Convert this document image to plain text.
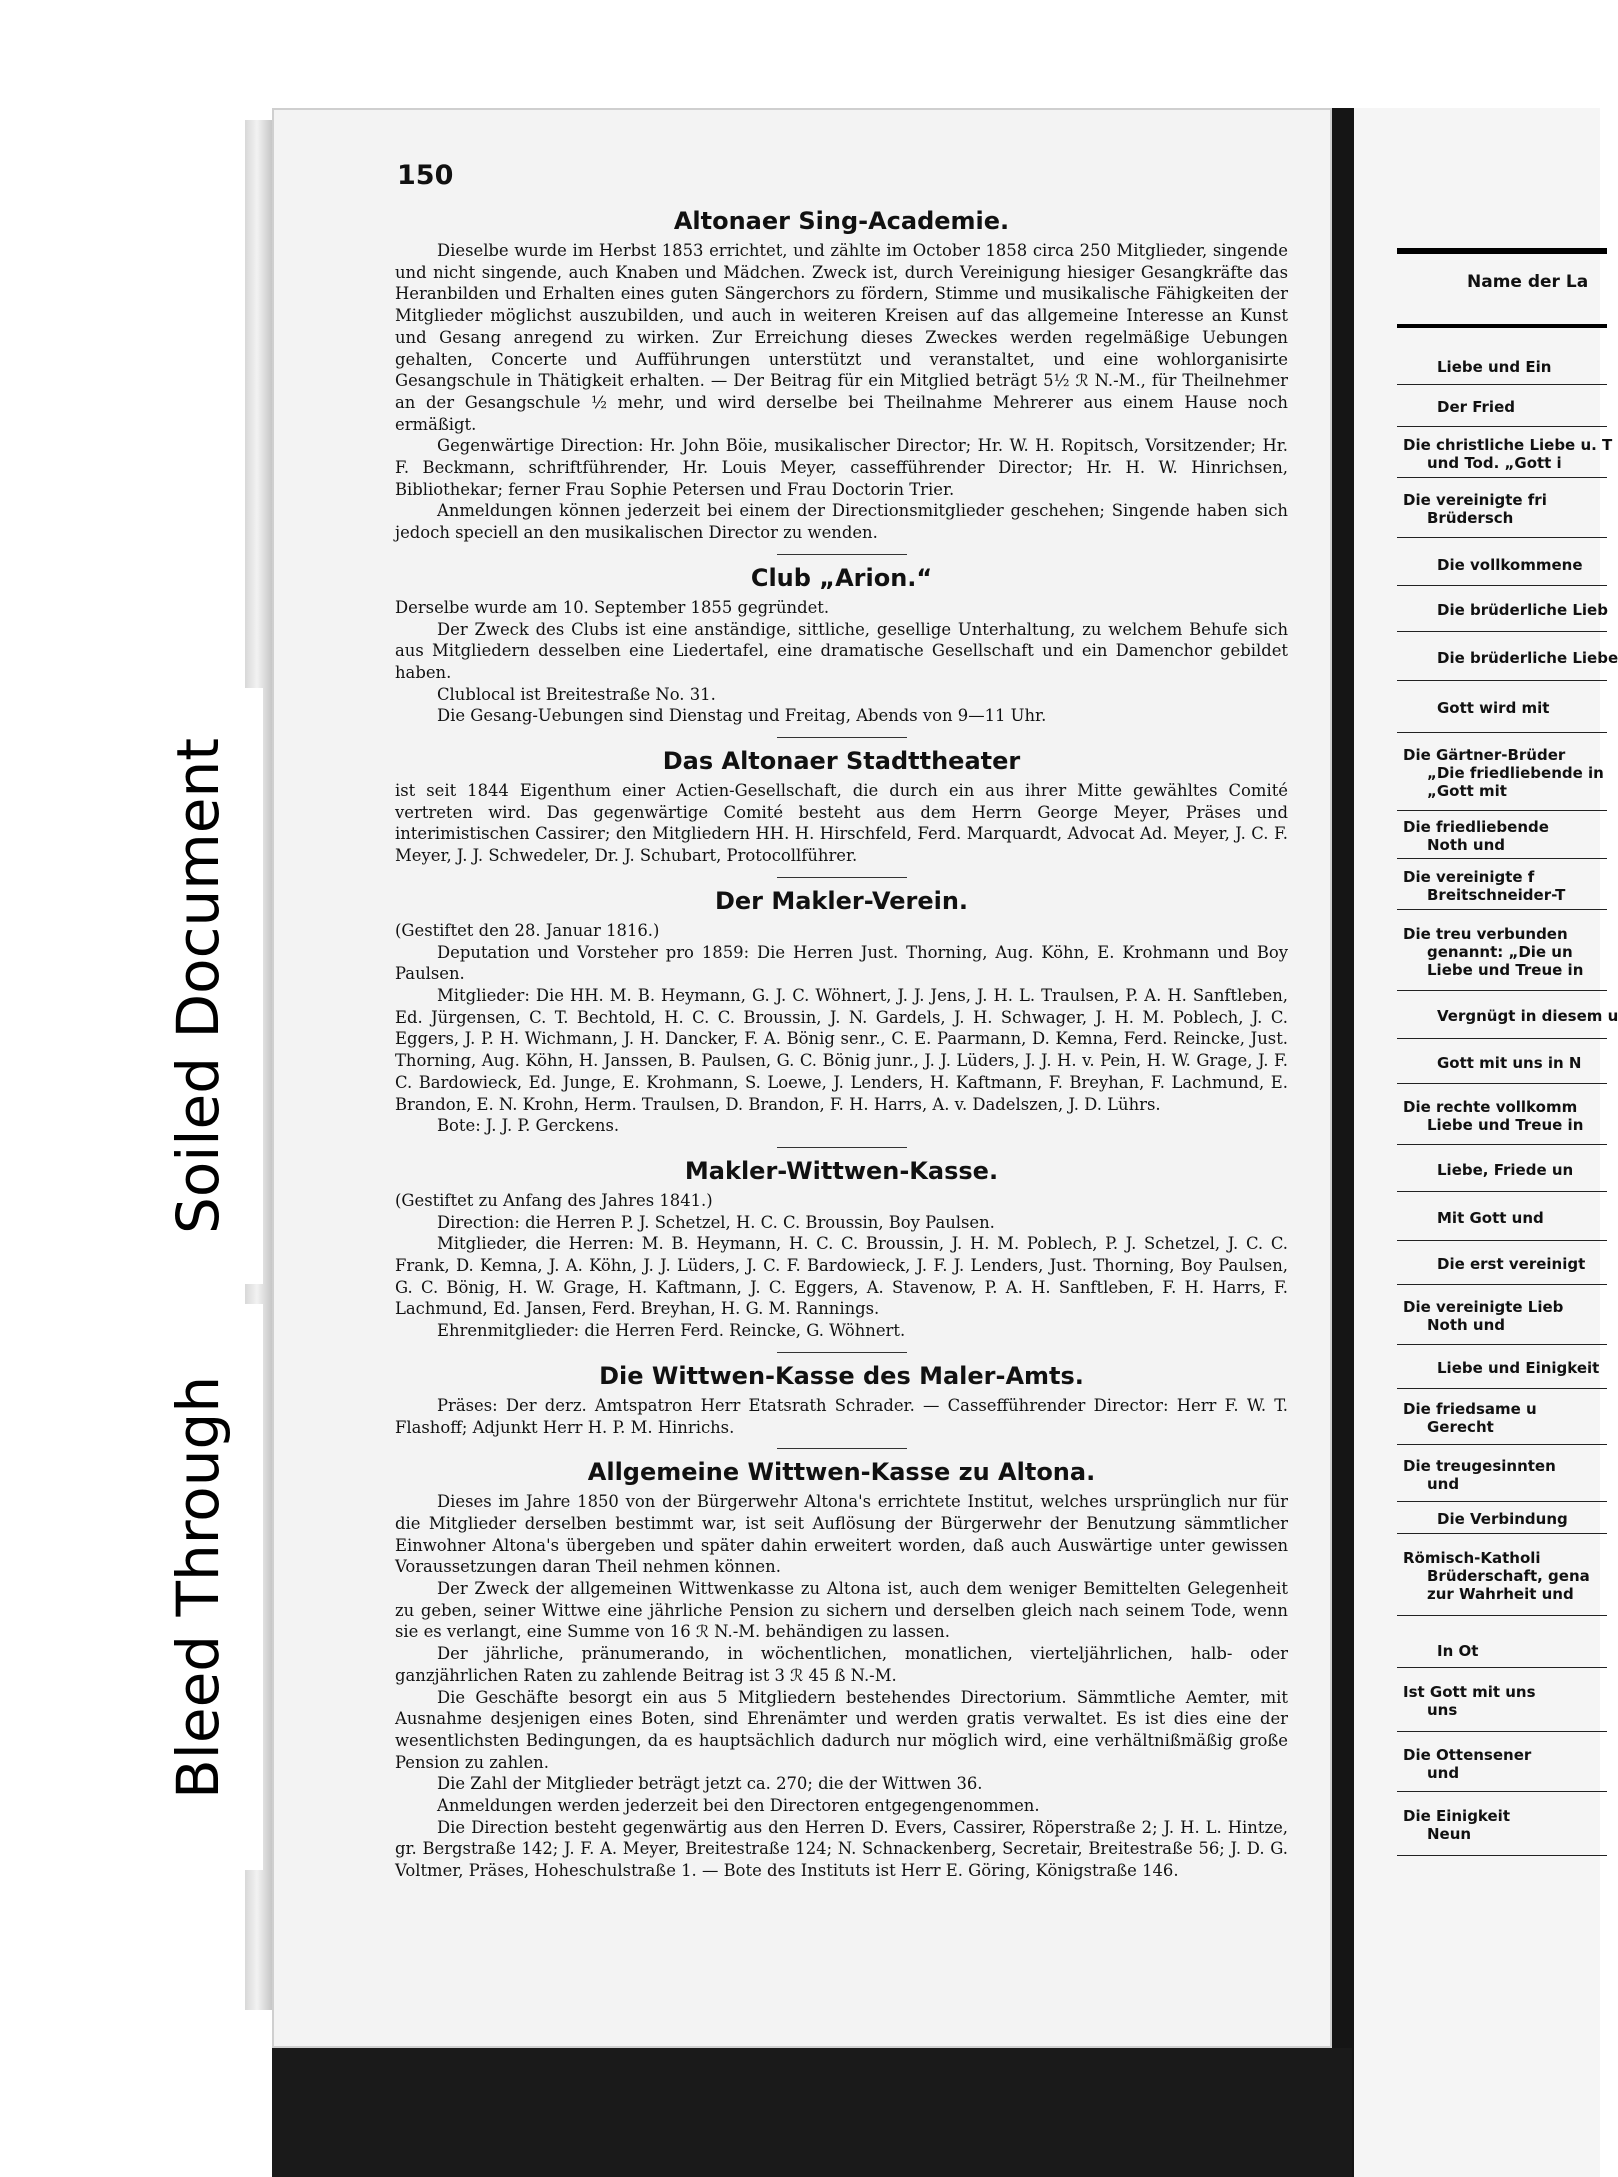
Soiled Document
Bleed Through
150
Altonaer Sing-Academie.

Dieselbe wurde im Herbst 1853 errichtet, und zählte im October 1858 circa 250 Mitglieder, singende und nicht singende, auch Knaben und Mädchen. Zweck ist, durch Vereinigung hiesiger Gesangkräfte das Heranbilden und Erhalten eines guten Sängerchors zu fördern, Stimme und musikalische Fähigkeiten der Mitglieder möglichst auszubilden, und auch in weiteren Kreisen auf das allgemeine Interesse an Kunst und Gesang anregend zu wirken. Zur Erreichung dieses Zweckes werden regelmäßige Uebungen gehalten, Concerte und Aufführungen unterstützt und veranstaltet, und eine wohlorganisirte Gesangschule in Thätigkeit erhalten. — Der Beitrag für ein Mitglied beträgt 5½ ℛ︁ N.-M., für Theilnehmer an der Gesangschule ½ mehr, und wird derselbe bei Theilnahme Mehrerer aus einem Hause noch ermäßigt.

Gegenwärtige Direction: Hr. John Böie, musikalischer Director; Hr. W. H. Ropitsch, Vorsitzender; Hr. F. Beckmann, schriftführender, Hr. Louis Meyer, cassefführender Director; Hr. H. W. Hinrichsen, Bibliothekar; ferner Frau Sophie Petersen und Frau Doctorin Trier.

Anmeldungen können jederzeit bei einem der Directionsmitglieder geschehen; Singende haben sich jedoch speciell an den musikalischen Director zu wenden.

Club „Arion.“

Derselbe wurde am 10. September 1855 gegründet.

Der Zweck des Clubs ist eine anständige, sittliche, gesellige Unterhaltung, zu welchem Behufe sich aus Mitgliedern desselben eine Liedertafel, eine dramatische Gesellschaft und ein Damenchor gebildet haben.

Clublocal ist Breitestraße No. 31.

Die Gesang-Uebungen sind Dienstag und Freitag, Abends von 9—11 Uhr.

Das Altonaer Stadttheater

ist seit 1844 Eigenthum einer Actien-Gesellschaft, die durch ein aus ihrer Mitte gewähltes Comité vertreten wird. Das gegenwärtige Comité besteht aus dem Herrn George Meyer, Präses und interimistischen Cassirer; den Mitgliedern HH. H. Hirschfeld, Ferd. Marquardt, Advocat Ad. Meyer, J. C. F. Meyer, J. J. Schwedeler, Dr. J. Schubart, Protocollführer.

Der Makler-Verein.

(Gestiftet den 28. Januar 1816.)

Deputation und Vorsteher pro 1859: Die Herren Just. Thorning, Aug. Köhn, E. Krohmann und Boy Paulsen.

Mitglieder: Die HH. M. B. Heymann, G. J. C. Wöhnert, J. J. Jens, J. H. L. Traulsen, P. A. H. Sanftleben, Ed. Jürgensen, C. T. Bechtold, H. C. C. Broussin, J. N. Gardels, J. H. Schwager, J. H. M. Poblech, J. C. Eggers, J. P. H. Wichmann, J. H. Dancker, F. A. Bönig senr., C. E. Paarmann, D. Kemna, Ferd. Reincke, Just. Thorning, Aug. Köhn, H. Janssen, B. Paulsen, G. C. Bönig junr., J. J. Lüders, J. J. H. v. Pein, H. W. Grage, J. F. C. Bardowieck, Ed. Junge, E. Krohmann, S. Loewe, J. Lenders, H. Kaftmann, F. Breyhan, F. Lachmund, E. Brandon, E. N. Krohn, Herm. Traulsen, D. Brandon, F. H. Harrs, A. v. Dadelszen, J. D. Lührs.

Bote: J. J. P. Gerckens.

Makler-Wittwen-Kasse.

(Gestiftet zu Anfang des Jahres 1841.)

Direction: die Herren P. J. Schetzel, H. C. C. Broussin, Boy Paulsen.

Mitglieder, die Herren: M. B. Heymann, H. C. C. Broussin, J. H. M. Poblech, P. J. Schetzel, J. C. C. Frank, D. Kemna, J. A. Köhn, J. J. Lüders, J. C. F. Bardowieck, J. F. J. Lenders, Just. Thorning, Boy Paulsen, G. C. Bönig, H. W. Grage, H. Kaftmann, J. C. Eggers, A. Stavenow, P. A. H. Sanftleben, F. H. Harrs, F. Lachmund, Ed. Jansen, Ferd. Breyhan, H. G. M. Rannings.

Ehrenmitglieder: die Herren Ferd. Reincke, G. Wöhnert.

Die Wittwen-Kasse des Maler-Amts.

Präses: Der derz. Amtspatron Herr Etatsrath Schrader. — Cassefführender Director: Herr F. W. T. Flashoff; Adjunkt Herr H. P. M. Hinrichs.

Allgemeine Wittwen-Kasse zu Altona.

Dieses im Jahre 1850 von der Bürgerwehr Altona's errichtete Institut, welches ursprünglich nur für die Mitglieder derselben bestimmt war, ist seit Auflösung der Bürgerwehr der Benutzung sämmtlicher Einwohner Altona's übergeben und später dahin erweitert worden, daß auch Auswärtige unter gewissen Voraussetzungen daran Theil nehmen können.

Der Zweck der allgemeinen Wittwenkasse zu Altona ist, auch dem weniger Bemittelten Gelegenheit zu geben, seiner Wittwe eine jährliche Pension zu sichern und derselben gleich nach seinem Tode, wenn sie es verlangt, eine Summe von 16 ℛ︁ N.-M. behändigen zu lassen.

Der jährliche, pränumerando, in wöchentlichen, monatlichen, vierteljährlichen, halb- oder ganzjährlichen Raten zu zahlende Beitrag ist 3 ℛ︁ 45 ß N.-M.

Die Geschäfte besorgt ein aus 5 Mitgliedern bestehendes Directorium. Sämmtliche Aemter, mit Ausnahme desjenigen eines Boten, sind Ehrenämter und werden gratis verwaltet. Es ist dies eine der wesentlichsten Bedingungen, da es hauptsächlich dadurch nur möglich wird, eine verhältnißmäßig große Pension zu zahlen.

Die Zahl der Mitglieder beträgt jetzt ca. 270; die der Wittwen 36.

Anmeldungen werden jederzeit bei den Directoren entgegengenommen.

Die Direction besteht gegenwärtig aus den Herren D. Evers, Cassirer, Röperstraße 2; J. H. L. Hintze, gr. Bergstraße 142; J. F. A. Meyer, Breitestraße 124; N. Schnackenberg, Secretair, Breitestraße 56; J. D. G. Voltmer, Präses, Hoheschulstraße 1. — Bote des Instituts ist Herr E. Göring, Königstraße 146.

Name der La
Liebe und Ein
Der Fried
Die christliche Liebe u. T
und Tod. „Gott i
Die vereinigte fri
Brüdersch
Die vollkommene
Die brüderliche Lieb
Die brüderliche Liebe
Gott wird mit
Die Gärtner-Brüder
„Die friedliebende in
„Gott mit
Die friedliebende
Noth und
Die vereinigte f
Breitschneider-T
Die treu verbunden
genannt: „Die un
Liebe und Treue in
Vergnügt in diesem u
Gott mit uns in N
Die rechte vollkomm
Liebe und Treue in
Liebe, Friede un
Mit Gott und
Die erst vereinigt
Die vereinigte Lieb
Noth und
Liebe und Einigkeit
Die friedsame u
Gerecht
Die treugesinnten
und
Die Verbindung
Römisch-Katholi
Brüderschaft, gena
zur Wahrheit und
In Ot
Ist Gott mit uns
uns
Die Ottensener
und
Die Einigkeit
Neun
